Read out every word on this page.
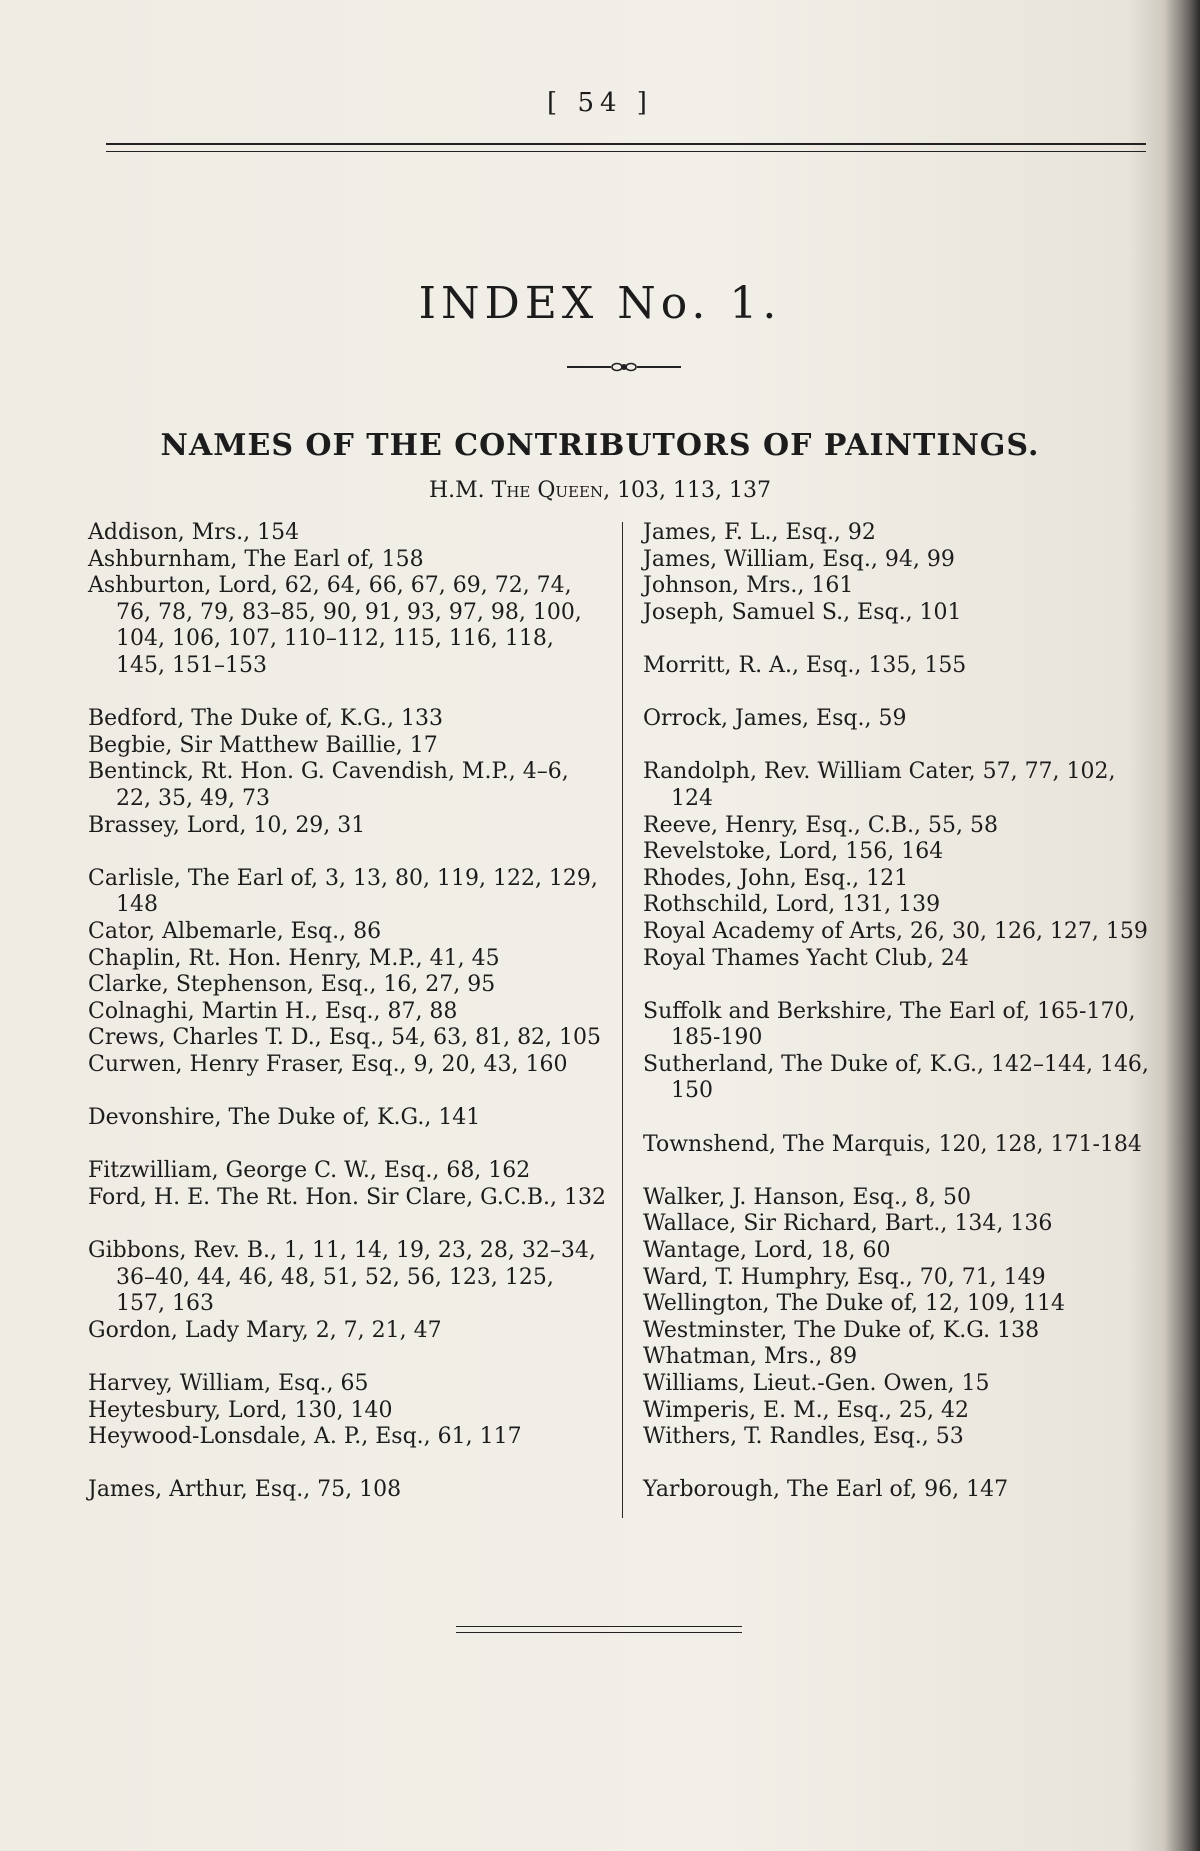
[ 54 ]
INDEX No. 1.
NAMES OF THE CONTRIBUTORS OF PAINTINGS.
H.M. The Queen, 103, 113, 137
Addison, Mrs., 154
Ashburnham, The Earl of, 158
Ashburton, Lord, 62, 64, 66, 67, 69, 72, 74, 76, 78, 79, 83–85, 90, 91, 93, 97, 98, 100, 104, 106, 107, 110–112, 115, 116, 118, 145, 151–153
Bedford, The Duke of, K.G., 133
Begbie, Sir Matthew Baillie, 17
Bentinck, Rt. Hon. G. Cavendish, M.P., 4–6, 22, 35, 49, 73
Brassey, Lord, 10, 29, 31
Carlisle, The Earl of, 3, 13, 80, 119, 122, 129, 148
Cator, Albemarle, Esq., 86
Chaplin, Rt. Hon. Henry, M.P., 41, 45
Clarke, Stephenson, Esq., 16, 27, 95
Colnaghi, Martin H., Esq., 87, 88
Crews, Charles T. D., Esq., 54, 63, 81, 82, 105
Curwen, Henry Fraser, Esq., 9, 20, 43, 160
Devonshire, The Duke of, K.G., 141
Fitzwilliam, George C. W., Esq., 68, 162
Ford, H. E. The Rt. Hon. Sir Clare, G.C.B., 132
Gibbons, Rev. B., 1, 11, 14, 19, 23, 28, 32–34, 36–40, 44, 46, 48, 51, 52, 56, 123, 125, 157, 163
Gordon, Lady Mary, 2, 7, 21, 47
Harvey, William, Esq., 65
Heytesbury, Lord, 130, 140
Heywood-Lonsdale, A. P., Esq., 61, 117
James, Arthur, Esq., 75, 108
James, F. L., Esq., 92
James, William, Esq., 94, 99
Johnson, Mrs., 161
Joseph, Samuel S., Esq., 101
Morritt, R. A., Esq., 135, 155
Orrock, James, Esq., 59
Randolph, Rev. William Cater, 57, 77, 102, 124
Reeve, Henry, Esq., C.B., 55, 58
Revelstoke, Lord, 156, 164
Rhodes, John, Esq., 121
Rothschild, Lord, 131, 139
Royal Academy of Arts, 26, 30, 126, 127, 159
Royal Thames Yacht Club, 24
Suffolk and Berkshire, The Earl of, 165-170, 185-190
Sutherland, The Duke of, K.G., 142–144, 146, 150
Townshend, The Marquis, 120, 128, 171-184
Walker, J. Hanson, Esq., 8, 50
Wallace, Sir Richard, Bart., 134, 136
Wantage, Lord, 18, 60
Ward, T. Humphry, Esq., 70, 71, 149
Wellington, The Duke of, 12, 109, 114
Westminster, The Duke of, K.G. 138
Whatman, Mrs., 89
Williams, Lieut.-Gen. Owen, 15
Wimperis, E. M., Esq., 25, 42
Withers, T. Randles, Esq., 53
Yarborough, The Earl of, 96, 147
